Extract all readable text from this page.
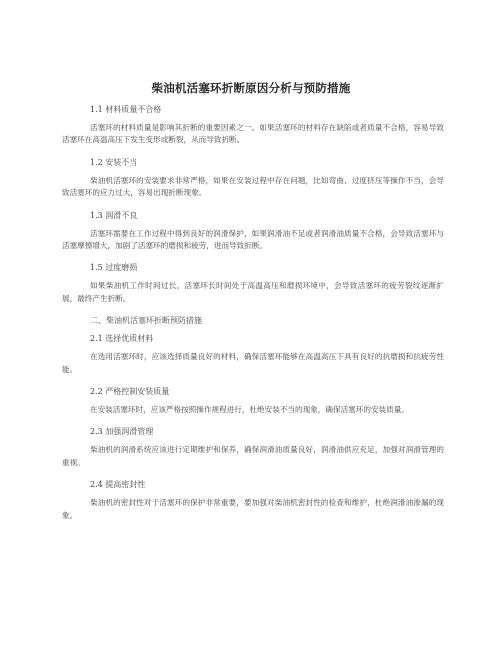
柴油机活塞环折断原因分析与预防措施

1.1 材料质量不合格

活塞环的材料质量是影响其折断的重要因素之一。如果活塞环的材料存在缺陷或者质量不合格，容易导致活塞环在高温高压下发生变形或断裂，从而导致折断。

1.2 安装不当

柴油机活塞环的安装要求非常严格，如果在安装过程中存在问题，比如弯曲、过度挤压等操作不当，会导致活塞环的应力过大，容易出现折断现象。

1.3 润滑不良

活塞环需要在工作过程中得到良好的润滑保护，如果润滑油不足或者润滑油质量不合格，会导致活塞环与活塞摩擦增大，加剧了活塞环的磨损和疲劳，进而导致折断。

1.5 过度磨损

如果柴油机工作时间过长，活塞环长时间处于高温高压和磨损环境中，会导致活塞环的疲劳裂纹逐渐扩展，最终产生折断。

二、柴油机活塞环折断预防措施

2.1 选择优质材料

在选用活塞环时，应该选择质量良好的材料，确保活塞环能够在高温高压下具有良好的抗磨损和抗疲劳性能。

2.2 严格控制安装质量

在安装活塞环时，应该严格按照操作规程进行，杜绝安装不当的现象，确保活塞环的安装质量。

2.3 加强润滑管理

柴油机的润滑系统应该进行定期维护和保养，确保润滑油质量良好，润滑油供应充足，加强对润滑管理的重视。

2.4 提高密封性

柴油机的密封性对于活塞环的保护非常重要，要加强对柴油机密封性的检查和维护，杜绝润滑油渗漏的现象。
